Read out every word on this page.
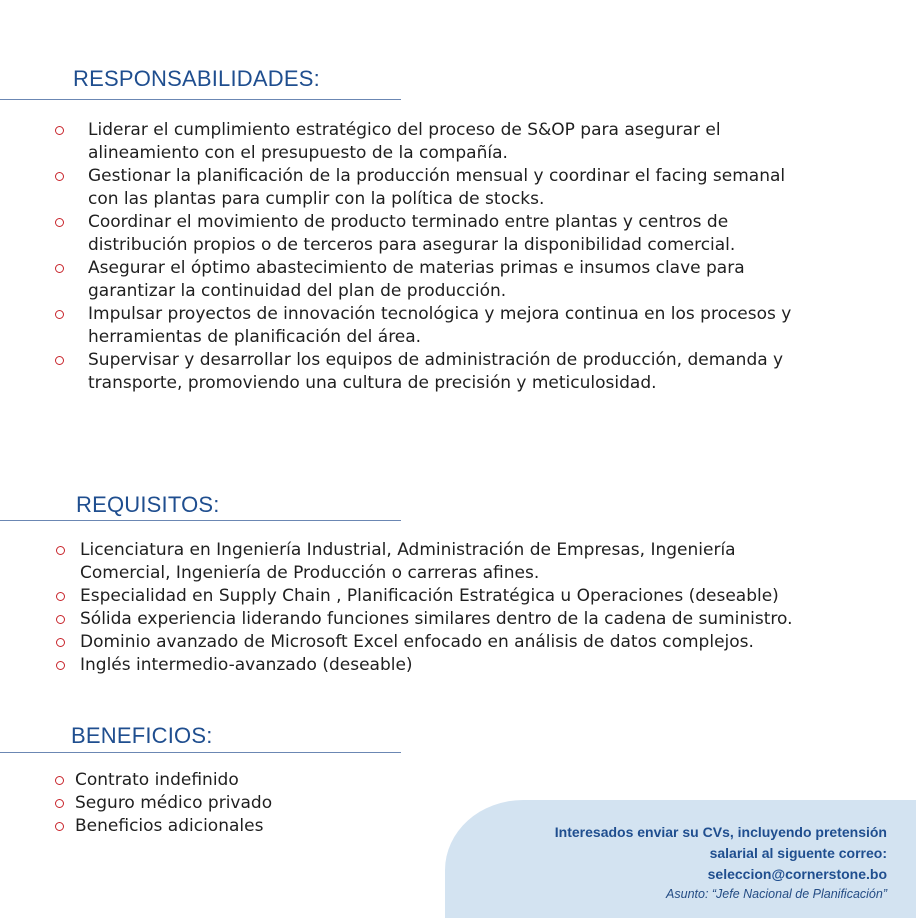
RESPONSABILIDADES:
Liderar el cumplimiento estratégico del proceso de S&OP para asegurar el
alineamiento con el presupuesto de la compañía.
Gestionar la planificación de la producción mensual y coordinar el facing semanal
con las plantas para cumplir con la política de stocks.
Coordinar el movimiento de producto terminado entre plantas y centros de
distribución propios o de terceros para asegurar la disponibilidad comercial.
Asegurar el óptimo abastecimiento de materias primas e insumos clave para
garantizar la continuidad del plan de producción.
Impulsar proyectos de innovación tecnológica y mejora continua en los procesos y
herramientas de planificación del área.
Supervisar y desarrollar los equipos de administración de producción, demanda y
transporte, promoviendo una cultura de precisión y meticulosidad.
REQUISITOS:
Licenciatura en Ingeniería Industrial, Administración de Empresas, Ingeniería
Comercial, Ingeniería de Producción o carreras afines.
Especialidad en Supply Chain , Planificación Estratégica u Operaciones (deseable)
Sólida experiencia liderando funciones similares dentro de la cadena de suministro.
Dominio avanzado de Microsoft Excel enfocado en análisis de datos complejos.
Inglés intermedio-avanzado (deseable)
BENEFICIOS:
Contrato indefinido
Seguro médico privado
Beneficios adicionales	Interesados enviar su CVs, incluyendo pretensión
salarial al siguente correo:
seleccion@cornerstone.bo
Asunto: “Jefe Nacional de Planificación”
